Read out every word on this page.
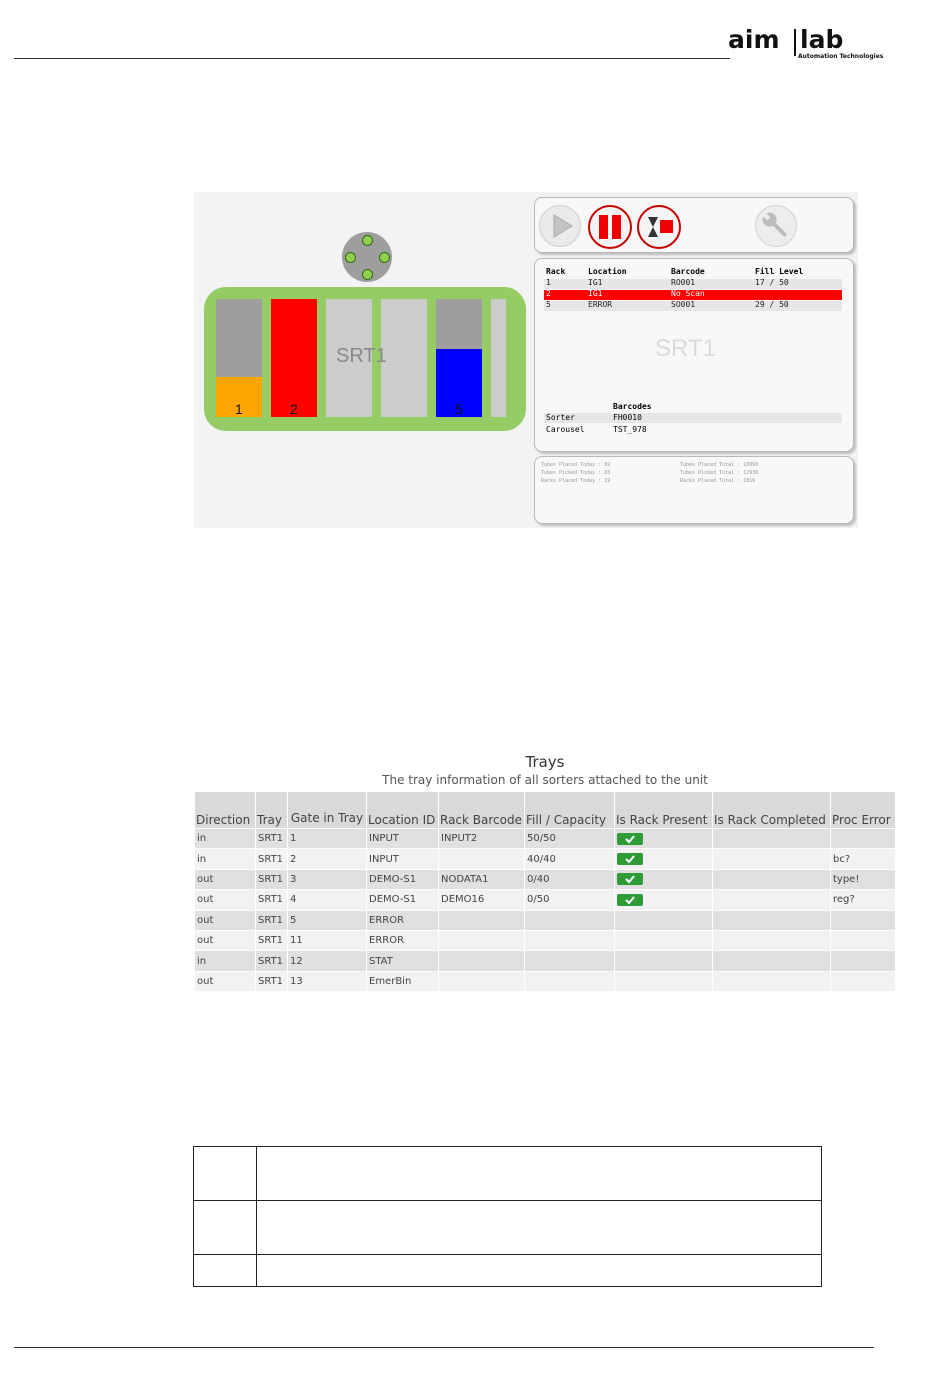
aim lab
Automation Technologies
1	2	5
SRT1
Rack	Location	Barcode	Fill Level
SRT1
Barcodes
1	IG1	RO001	17 / 50
2	IG1	No Scan
5	ERROR	SO001	29 / 50
Sorter	FH0010
Carousel	TST_978
Tubes Placed Today : 82
Tubes Picked Today : 83
Racks Placed Today : 19
Tubes Placed Total : 10060
Tubes Picked Total : 12930
Racks Placed Total : 1816
Trays
The tray information of all sorters attached to the unit
Direction	Tray	Gate in Tray	Location ID	Rack Barcode	Fill / Capacity	Is Rack Present	Is Rack Completed	Proc Error
in	SRT1	1	INPUT	INPUT2	50/50			
in	SRT1	2	INPUT		40/40			bc?
out	SRT1	3	DEMO-S1	NODATA1	0/40			type!
out	SRT1	4	DEMO-S1	DEMO16	0/50			reg?
out	SRT1	5	ERROR					
out	SRT1	11	ERROR					
in	SRT1	12	STAT					
out	SRT1	13	EmerBin					
